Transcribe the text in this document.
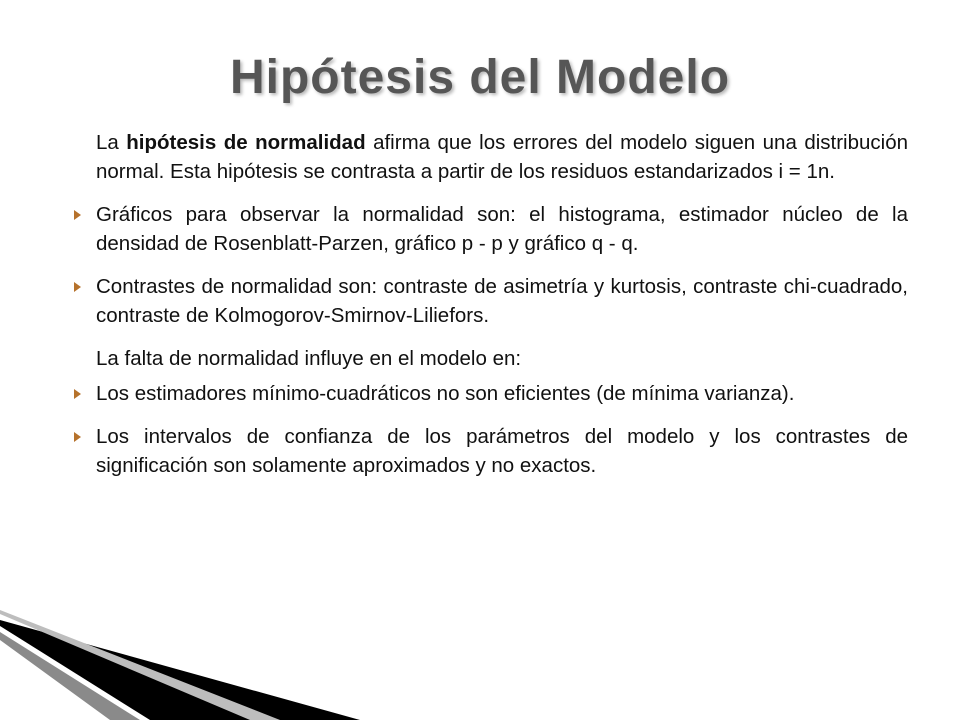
Hipótesis del Modelo

La hipótesis de normalidad afirma que los errores del modelo siguen una distribución normal. Esta hipótesis se contrasta a partir de los residuos estandarizados i = 1n.

Gráficos para observar la normalidad son: el histograma, estimador núcleo de la densidad de Rosenblatt-Parzen, gráfico p - p y gráfico q - q.
Contrastes de normalidad son: contraste de asimetría y kurtosis, contraste chi-cuadrado, contraste de Kolmogorov-Smirnov-Liliefors.

La falta de normalidad influye en el modelo en:

Los estimadores mínimo-cuadráticos no son eficientes (de mínima varianza).
Los intervalos de confianza de los parámetros del modelo y los contrastes de significación son solamente aproximados y no exactos.
